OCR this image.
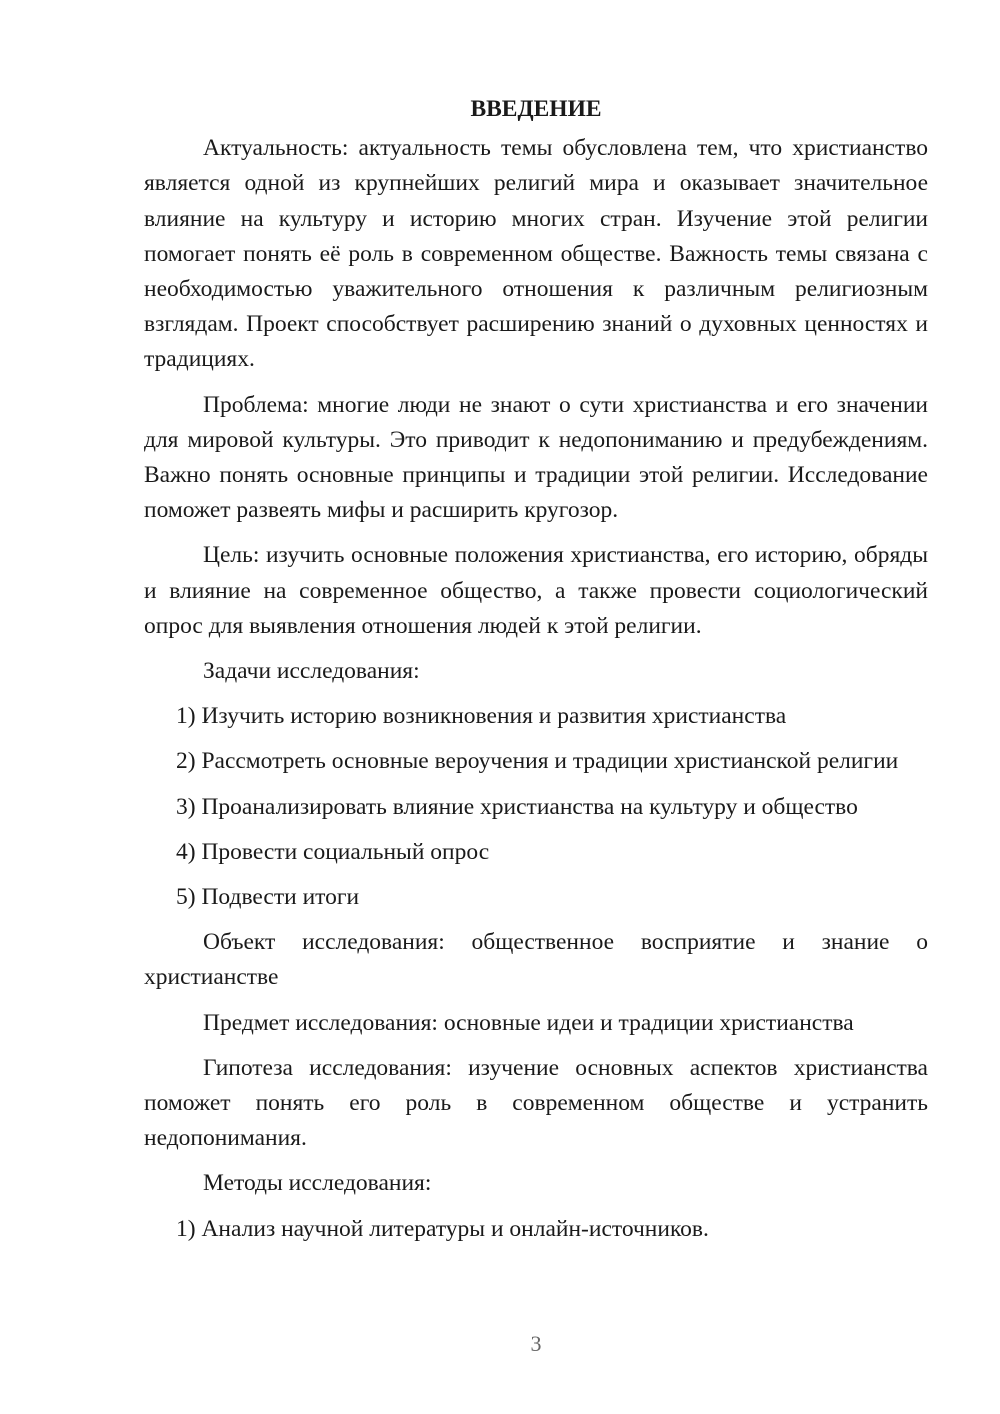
ВВЕДЕНИЕ
Актуальность: актуальность темы обусловлена тем, что христианство является одной из крупнейших религий мира и оказывает значительное влияние на культуру и историю многих стран. Изучение этой религии помогает понять её роль в современном обществе. Важность темы связана с необходимостью уважительного отношения к различным религиозным взглядам. Проект способствует расширению знаний о духовных ценностях и традициях.
Проблема: многие люди не знают о сути христианства и его значении для мировой культуры. Это приводит к недопониманию и предубеждениям. Важно понять основные принципы и традиции этой религии. Исследование поможет развеять мифы и расширить кругозор.
Цель: изучить основные положения христианства, его историю, обряды и влияние на современное общество, а также провести социологический опрос для выявления отношения людей к этой религии.
Задачи исследования:
1) Изучить историю возникновения и развития христианства
2) Рассмотреть основные вероучения и традиции христианской религии
3) Проанализировать влияние христианства на культуру и общество
4) Провести социальный опрос
5) Подвести итоги
Объект исследования: общественное восприятие и знание о христианстве
Предмет исследования: основные идеи и традиции христианства
Гипотеза исследования: изучение основных аспектов христианства поможет понять его роль в современном обществе и устранить недопонимания.
Методы исследования:
1) Анализ научной литературы и онлайн-источников.
3
